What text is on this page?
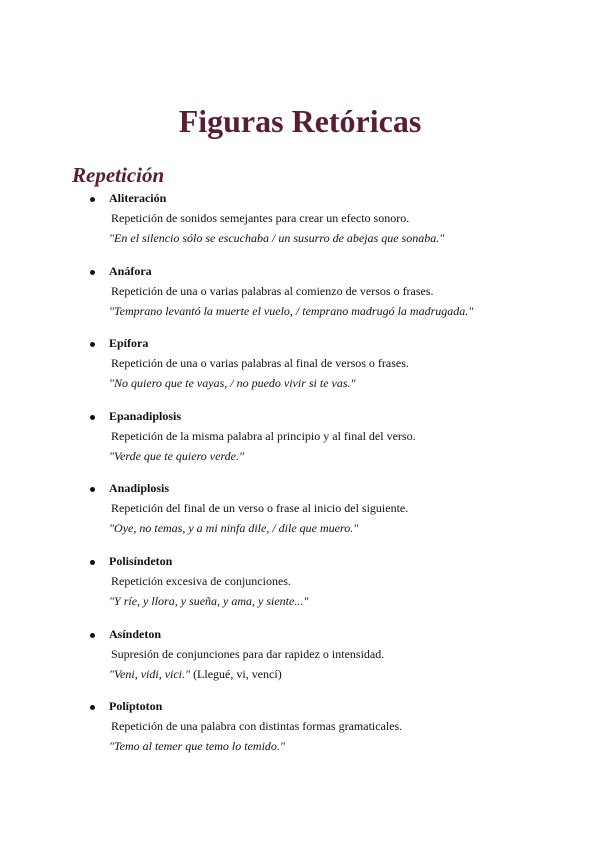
Figuras Retóricas
Repetición
Aliteración
Repetición de sonidos semejantes para crear un efecto sonoro.
"En el silencio sólo se escuchaba / un susurro de abejas que sonaba."
Anáfora
Repetición de una o varias palabras al comienzo de versos o frases.
"Temprano levantó la muerte el vuelo, / temprano madrugó la madrugada."
Epífora
Repetición de una o varias palabras al final de versos o frases.
"No quiero que te vayas, / no puedo vivir si te vas."
Epanadiplosis
Repetición de la misma palabra al principio y al final del verso.
"Verde que te quiero verde."
Anadiplosis
Repetición del final de un verso o frase al inicio del siguiente.
"Oye, no temas, y a mi ninfa dile, / dile que muero."
Polisíndeton
Repetición excesiva de conjunciones.
"Y ríe, y llora, y sueña, y ama, y siente..."
Asíndeton
Supresión de conjunciones para dar rapidez o intensidad.
"Veni, vidi, vici." (Llegué, vi, vencí)
Políptoton
Repetición de una palabra con distintas formas gramaticales.
"Temo al temer que temo lo temido."
